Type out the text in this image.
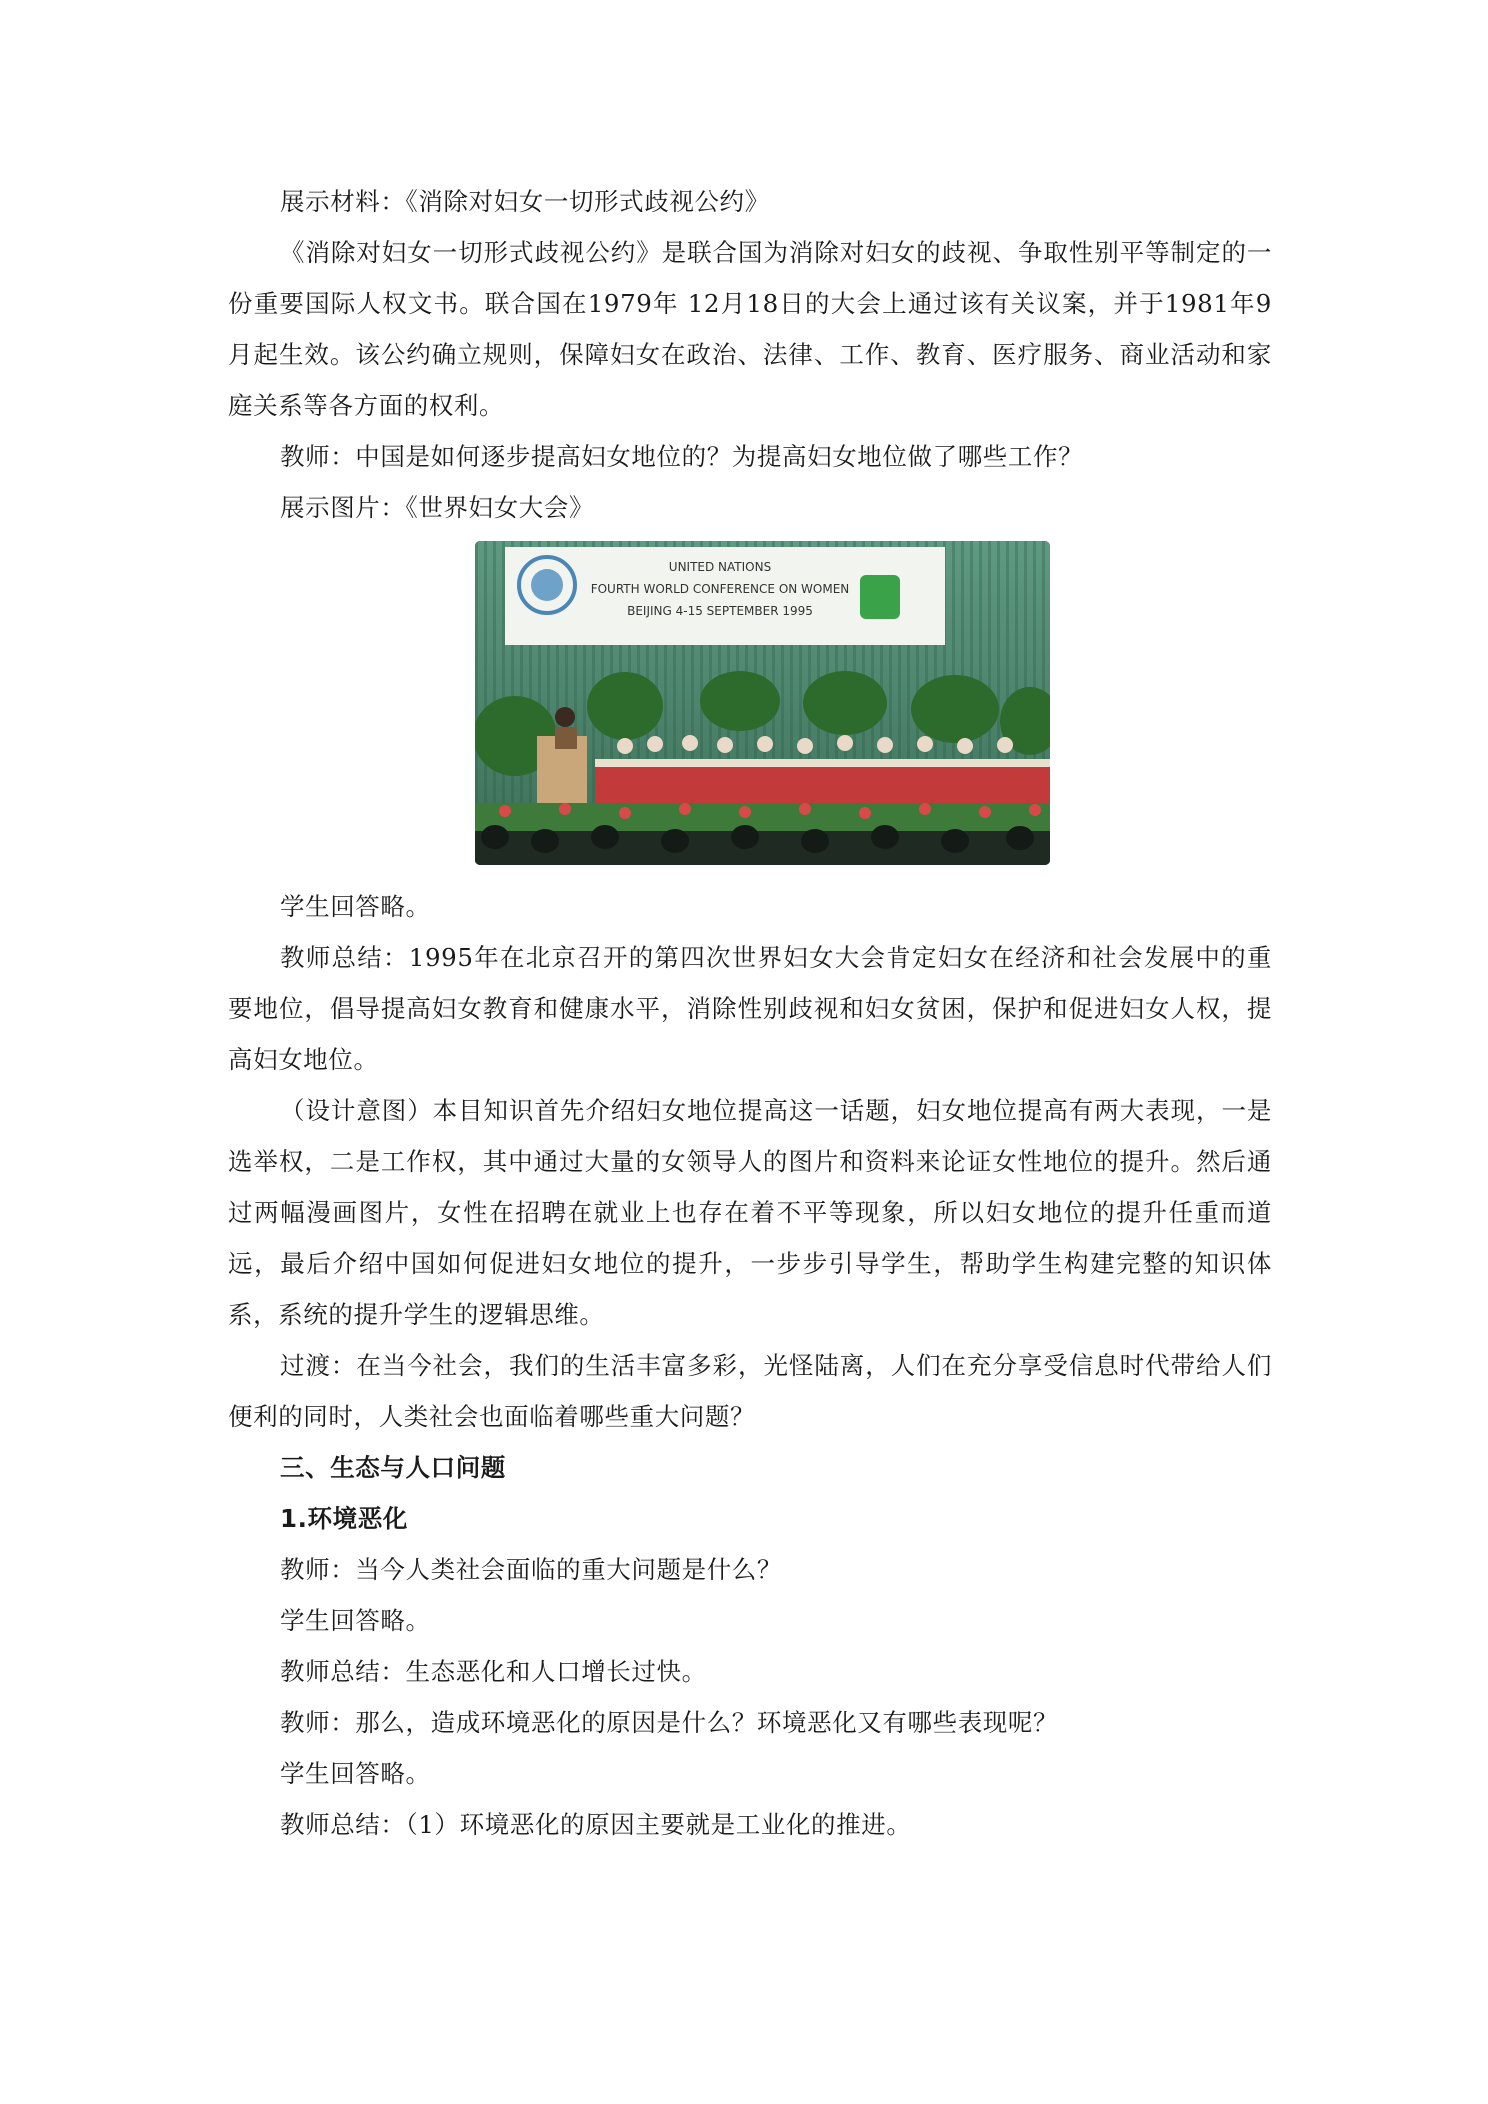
展示材料：《消除对妇女一切形式歧视公约》

《消除对妇女一切形式歧视公约》是联合国为消除对妇女的歧视、争取性别平等制定的一份重要国际人权文书。联合国在1979年 12月18日的大会上通过该有关议案，并于1981年9月起生效。该公约确立规则，保障妇女在政治、法律、工作、教育、医疗服务、商业活动和家庭关系等各方面的权利。

教师：中国是如何逐步提高妇女地位的？为提高妇女地位做了哪些工作？

展示图片：《世界妇女大会》

UNITED NATIONS
FOURTH WORLD CONFERENCE ON WOMEN
BEIJING 4-15 SEPTEMBER 1995

学生回答略。

教师总结：1995年在北京召开的第四次世界妇女大会肯定妇女在经济和社会发展中的重要地位，倡导提高妇女教育和健康水平，消除性别歧视和妇女贫困，保护和促进妇女人权，提高妇女地位。

（设计意图）本目知识首先介绍妇女地位提高这一话题，妇女地位提高有两大表现，一是选举权，二是工作权，其中通过大量的女领导人的图片和资料来论证女性地位的提升。然后通过两幅漫画图片，女性在招聘在就业上也存在着不平等现象，所以妇女地位的提升任重而道远，最后介绍中国如何促进妇女地位的提升，一步步引导学生，帮助学生构建完整的知识体系，系统的提升学生的逻辑思维。

过渡：在当今社会，我们的生活丰富多彩，光怪陆离，人们在充分享受信息时代带给人们便利的同时，人类社会也面临着哪些重大问题？

三、生态与人口问题

1.环境恶化

教师：当今人类社会面临的重大问题是什么？

学生回答略。

教师总结：生态恶化和人口增长过快。

教师：那么，造成环境恶化的原因是什么？环境恶化又有哪些表现呢？

学生回答略。

教师总结：（1）环境恶化的原因主要就是工业化的推进。
